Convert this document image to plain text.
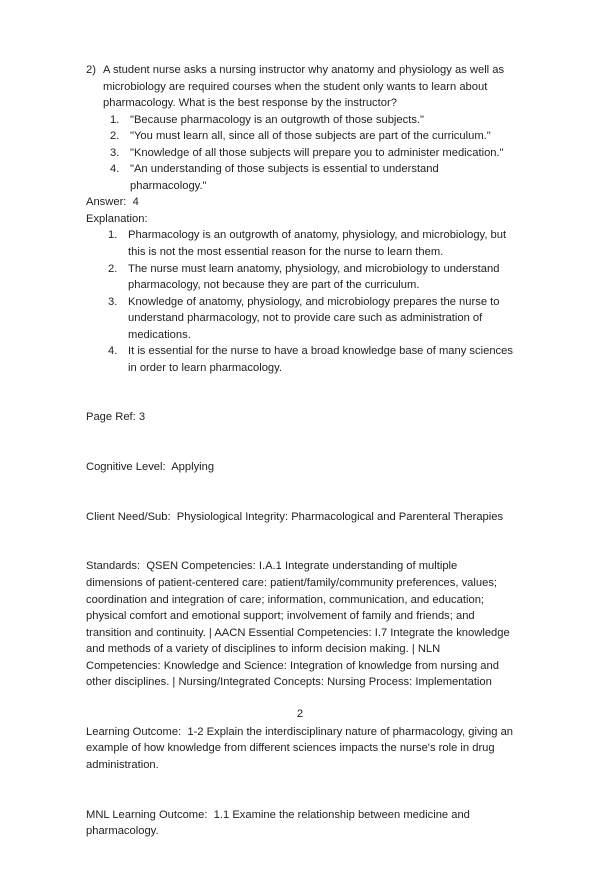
2) A student nurse asks a nursing instructor why anatomy and physiology as well as microbiology are required courses when the student only wants to learn about pharmacology. What is the best response by the instructor?
1. "Because pharmacology is an outgrowth of those subjects."
2. "You must learn all, since all of those subjects are part of the curriculum."
3. "Knowledge of all those subjects will prepare you to administer medication."
4. "An understanding of those subjects is essential to understand pharmacology."
Answer:  4
Explanation:
1. Pharmacology is an outgrowth of anatomy, physiology, and microbiology, but this is not the most essential reason for the nurse to learn them.
2. The nurse must learn anatomy, physiology, and microbiology to understand pharmacology, not because they are part of the curriculum.
3. Knowledge of anatomy, physiology, and microbiology prepares the nurse to understand pharmacology, not to provide care such as administration of medications.
4. It is essential for the nurse to have a broad knowledge base of many sciences in order to learn pharmacology.

Page Ref: 3

Cognitive Level:  Applying

Client Need/Sub:  Physiological Integrity: Pharmacological and Parenteral Therapies

Standards:  QSEN Competencies: I.A.1 Integrate understanding of multiple dimensions of patient-centered care: patient/family/community preferences, values; coordination and integration of care; information, communication, and education; physical comfort and emotional support; involvement of family and friends; and transition and continuity. | AACN Essential Competencies: I.7 Integrate the knowledge and methods of a variety of disciplines to inform decision making. | NLN Competencies: Knowledge and Science: Integration of knowledge from nursing and other disciplines. | Nursing/Integrated Concepts: Nursing Process: Implementation

Learning Outcome:  1-2 Explain the interdisciplinary nature of pharmacology, giving an example of how knowledge from different sciences impacts the nurse's role in drug administration.

MNL Learning Outcome:  1.1 Examine the relationship between medicine and pharmacology.

2
